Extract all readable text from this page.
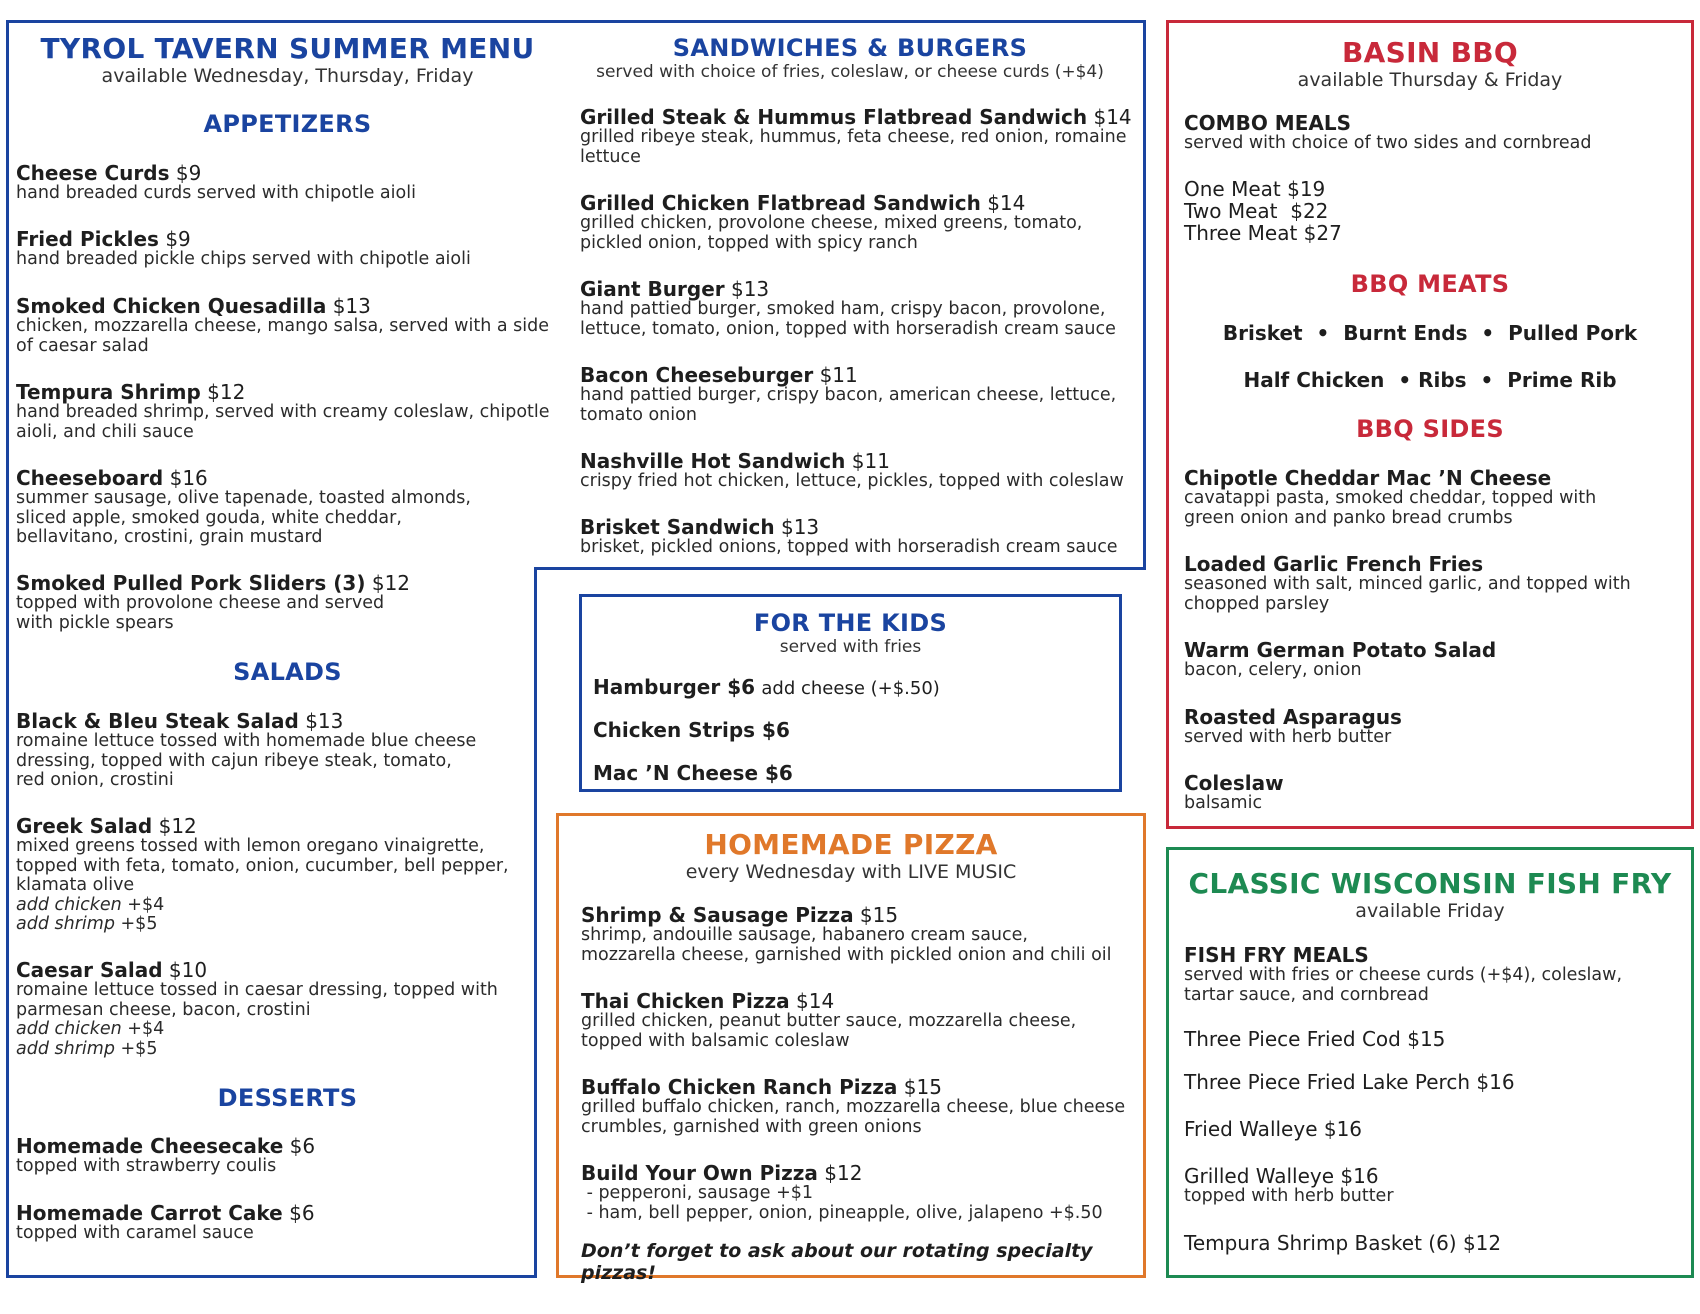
TYROL TAVERN SUMMER MENU
available Wednesday, Thursday, Friday
APPETIZERS
Cheese Curds $9
hand breaded curds served with chipotle aioli
Fried Pickles $9
hand breaded pickle chips served with chipotle aioli
Smoked Chicken Quesadilla $13
chicken, mozzarella cheese, mango salsa, served with a side
of caesar salad
Tempura Shrimp $12
hand breaded shrimp, served with creamy coleslaw, chipotle
aioli, and chili sauce
Cheeseboard $16
summer sausage, olive tapenade, toasted almonds,
sliced apple, smoked gouda, white cheddar,
bellavitano, crostini, grain mustard
Smoked Pulled Pork Sliders (3) $12
topped with provolone cheese and served
with pickle spears
SALADS
Black & Bleu Steak Salad $13
romaine lettuce tossed with homemade blue cheese
dressing, topped with cajun ribeye steak, tomato,
red onion, crostini
Greek Salad $12
mixed greens tossed with lemon oregano vinaigrette,
topped with feta, tomato, onion, cucumber, bell pepper,
klamata olive
add chicken +$4
add shrimp +$5
Caesar Salad $10
romaine lettuce tossed in caesar dressing, topped with
parmesan cheese, bacon, crostini
add chicken +$4
add shrimp +$5
DESSERTS
Homemade Cheesecake $6
topped with strawberry coulis
Homemade Carrot Cake $6
topped with caramel sauce
SANDWICHES & BURGERS
served with choice of fries, coleslaw, or cheese curds (+$4)
Grilled Steak & Hummus Flatbread Sandwich $14
grilled ribeye steak, hummus, feta cheese, red onion, romaine
lettuce
Grilled Chicken Flatbread Sandwich $14
grilled chicken, provolone cheese, mixed greens, tomato,
pickled onion, topped with spicy ranch
Giant Burger $13
hand pattied burger, smoked ham, crispy bacon, provolone,
lettuce, tomato, onion, topped with horseradish cream sauce
Bacon Cheeseburger $11
hand pattied burger, crispy bacon, american cheese, lettuce,
tomato onion
Nashville Hot Sandwich $11
crispy fried hot chicken, lettuce, pickles, topped with coleslaw
Brisket Sandwich $13
brisket, pickled onions, topped with horseradish cream sauce
FOR THE KIDS
served with fries
Hamburger $6 add cheese (+$.50)
Chicken Strips $6
Mac ’N Cheese $6
HOMEMADE PIZZA
every Wednesday with LIVE MUSIC
Shrimp & Sausage Pizza $15
shrimp, andouille sausage, habanero cream sauce,
mozzarella cheese, garnished with pickled onion and chili oil
Thai Chicken Pizza $14
grilled chicken, peanut butter sauce, mozzarella cheese,
topped with balsamic coleslaw
Buffalo Chicken Ranch Pizza $15
grilled buffalo chicken, ranch, mozzarella cheese, blue cheese
crumbles, garnished with green onions
Build Your Own Pizza $12
- pepperoni, sausage +$1
- ham, bell pepper, onion, pineapple, olive, jalapeno +$.50
Don’t forget to ask about our rotating specialty pizzas!
BASIN BBQ
available Thursday & Friday
COMBO MEALS
served with choice of two sides and cornbread
One Meat $19
Two Meat  $22
Three Meat $27
BBQ MEATS
Brisket  •  Burnt Ends  •  Pulled Pork
Half Chicken  • Ribs  •  Prime Rib
BBQ SIDES
Chipotle Cheddar Mac ’N Cheese
cavatappi pasta, smoked cheddar, topped with
green onion and panko bread crumbs
Loaded Garlic French Fries
seasoned with salt, minced garlic, and topped with
chopped parsley
Warm German Potato Salad
bacon, celery, onion
Roasted Asparagus
served with herb butter
Coleslaw
balsamic
CLASSIC WISCONSIN FISH FRY
available Friday
FISH FRY MEALS
served with fries or cheese curds (+$4), coleslaw,
tartar sauce, and cornbread
Three Piece Fried Cod $15
Three Piece Fried Lake Perch $16
Fried Walleye $16
Grilled Walleye $16
topped with herb butter
Tempura Shrimp Basket (6) $12
